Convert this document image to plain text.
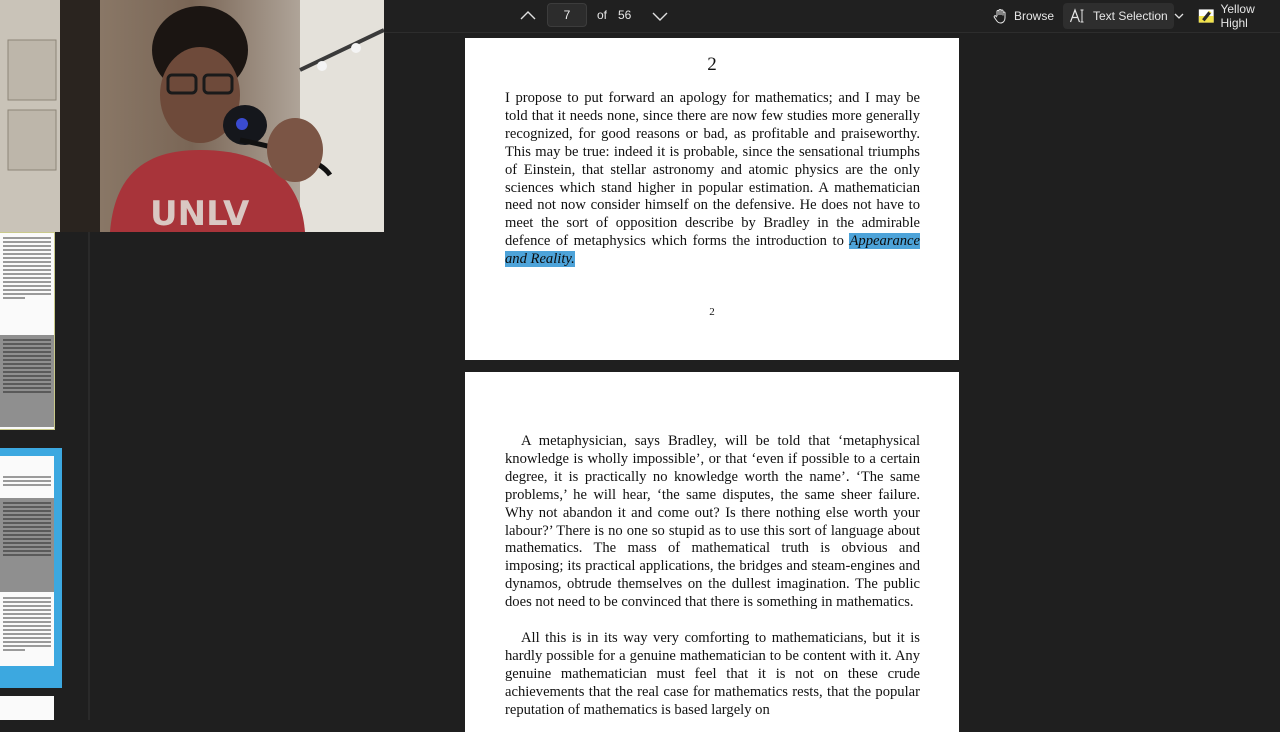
7
of 56	Browse	Text Selection	Yellow Highl
UNLV
2

I propose to put forward an apology for mathematics; and I may be told that it needs none, since there are now few studies more generally recognized, for good reasons or bad, as profitable and praiseworthy. This may be true: indeed it is probable, since the sensational triumphs of Einstein, that stellar astronomy and atomic physics are the only sciences which stand higher in popular estimation. A mathematician need not now consider himself on the defensive. He does not have to meet the sort of opposition describe by Bradley in the admirable defence of metaphysics which forms the introduction to Appearance and Reality.

2

A metaphysician, says Bradley, will be told that ‘metaphysical knowledge is wholly impossible’, or that ‘even if possible to a certain degree, it is practically no knowledge worth the name’. ‘The same problems,’ he will hear, ‘the same disputes, the same sheer failure. Why not abandon it and come out? Is there nothing else worth your labour?’ There is no one so stupid as to use this sort of language about mathematics. The mass of mathematical truth is obvious and imposing; its practical applications, the bridges and steam-engines and dynamos, obtrude themselves on the dullest imagination. The public does not need to be convinced that there is something in mathematics.

All this is in its way very comforting to mathematicians, but it is hardly possible for a genuine mathematician to be content with it. Any genuine mathematician must feel that it is not on these crude achievements that the real case for mathematics rests, that the popular reputation of mathematics is based largely on
